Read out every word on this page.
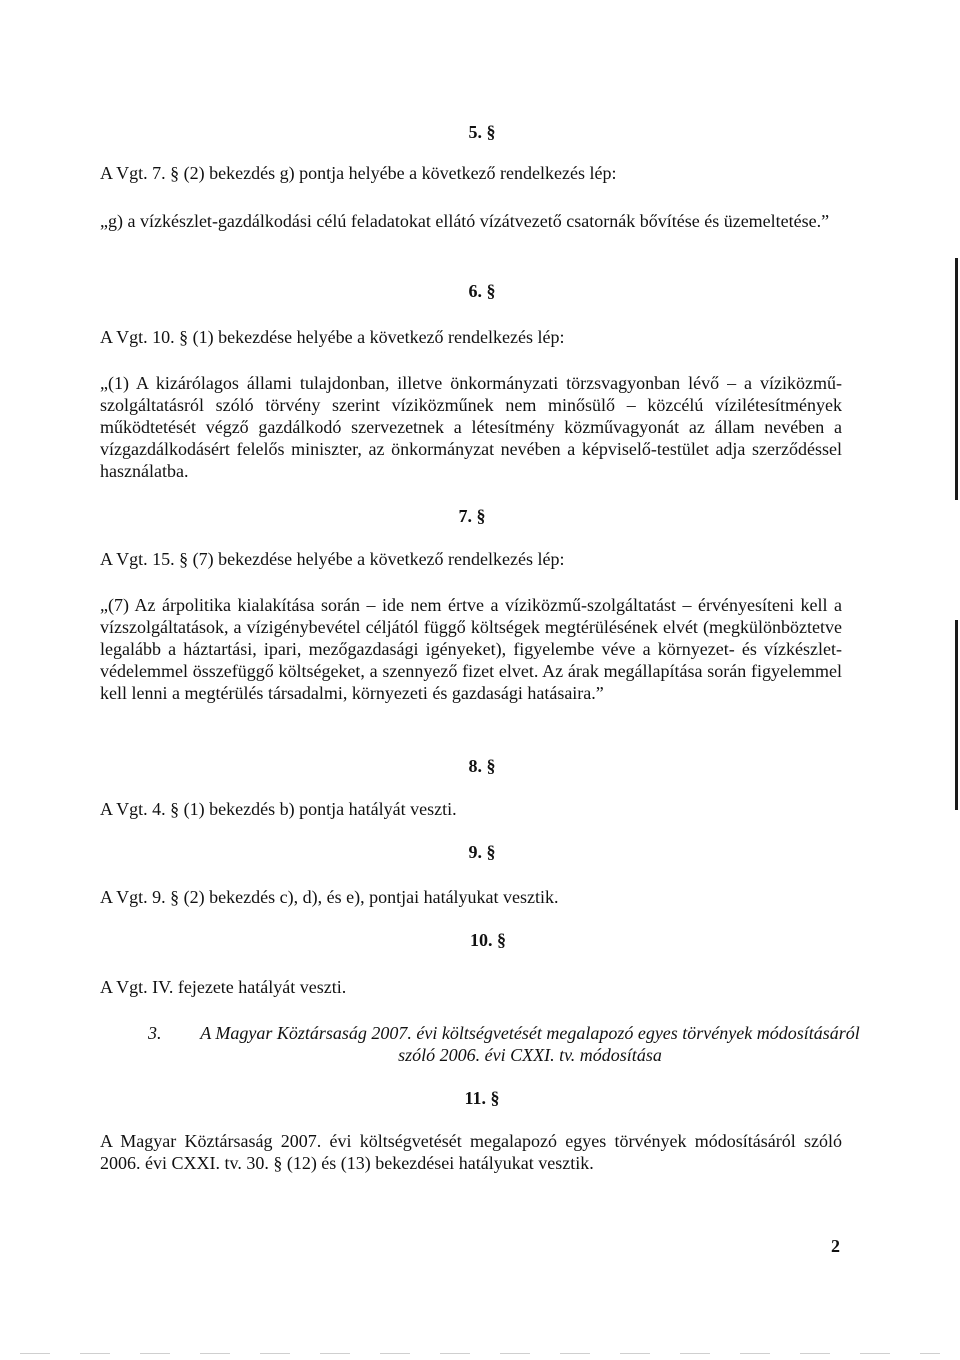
5. §

A Vgt. 7. § (2) bekezdés g) pontja helyébe a következő rendelkezés lép:

„g) a vízkészlet-gazdálkodási célú feladatokat ellátó vízátvezető csatornák bővítése és üzemeltetése.”

6. §

A Vgt. 10. § (1) bekezdése helyébe a következő rendelkezés lép:

„(1) A kizárólagos állami tulajdonban, illetve önkormányzati törzsvagyonban lévő – a víziközmű-szolgáltatásról szóló törvény szerint víziközműnek nem minősülő – közcélú vízilétesítmények működtetését végző gazdálkodó szervezetnek a létesítmény közművagyonát az állam nevében a vízgazdálkodásért felelős miniszter, az önkormányzat nevében a képviselő-testület adja szerződéssel használatba.

7. §

A Vgt. 15. § (7) bekezdése helyébe a következő rendelkezés lép:

„(7) Az árpolitika kialakítása során – ide nem értve a víziközmű-szolgáltatást – érvényesíteni kell a vízszolgáltatások, a vízigénybevétel céljától függő költségek megtérülésének elvét (megkülönböztetve legalább a háztartási, ipari, mezőgazdasági igényeket), figyelembe véve a környezet- és vízkészlet-védelemmel összefüggő költségeket, a szennyező fizet elvet. Az árak megállapítása során figyelemmel kell lenni a megtérülés társadalmi, környezeti és gazdasági hatásaira.”

8. §

A Vgt. 4. § (1) bekezdés b) pontja hatályát veszti.

9. §

A Vgt. 9. § (2) bekezdés c), d), és e), pontjai hatályukat vesztik.

10. §

A Vgt. IV. fejezete hatályát veszti.

3. A Magyar Köztársaság 2007. évi költségvetését megalapozó egyes törvények módosításáról szóló 2006. évi CXXI. tv. módosítása
11. §

A Magyar Köztársaság 2007. évi költségvetését megalapozó egyes törvények módosításáról szóló 2006. évi CXXI. tv. 30. § (12) és (13) bekezdései hatályukat vesztik.

2
